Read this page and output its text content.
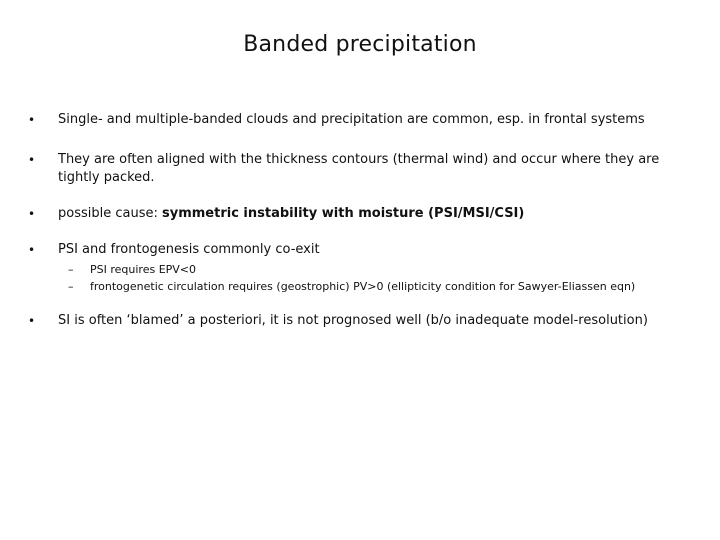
Banded precipitation
•	Single- and multiple-banded clouds and precipitation are common, esp. in frontal systems
•	They are often aligned with the thickness contours (thermal wind) and occur where they are tightly packed.
•	possible cause: symmetric instability with moisture (PSI/MSI/CSI)
•	PSI and frontogenesis commonly co-exit
–	PSI requires EPV<0
–	frontogenetic circulation requires (geostrophic) PV>0 (ellipticity condition for Sawyer-Eliassen eqn)
•	SI is often ‘blamed’ a posteriori, it is not prognosed well (b/o inadequate model-resolution)
